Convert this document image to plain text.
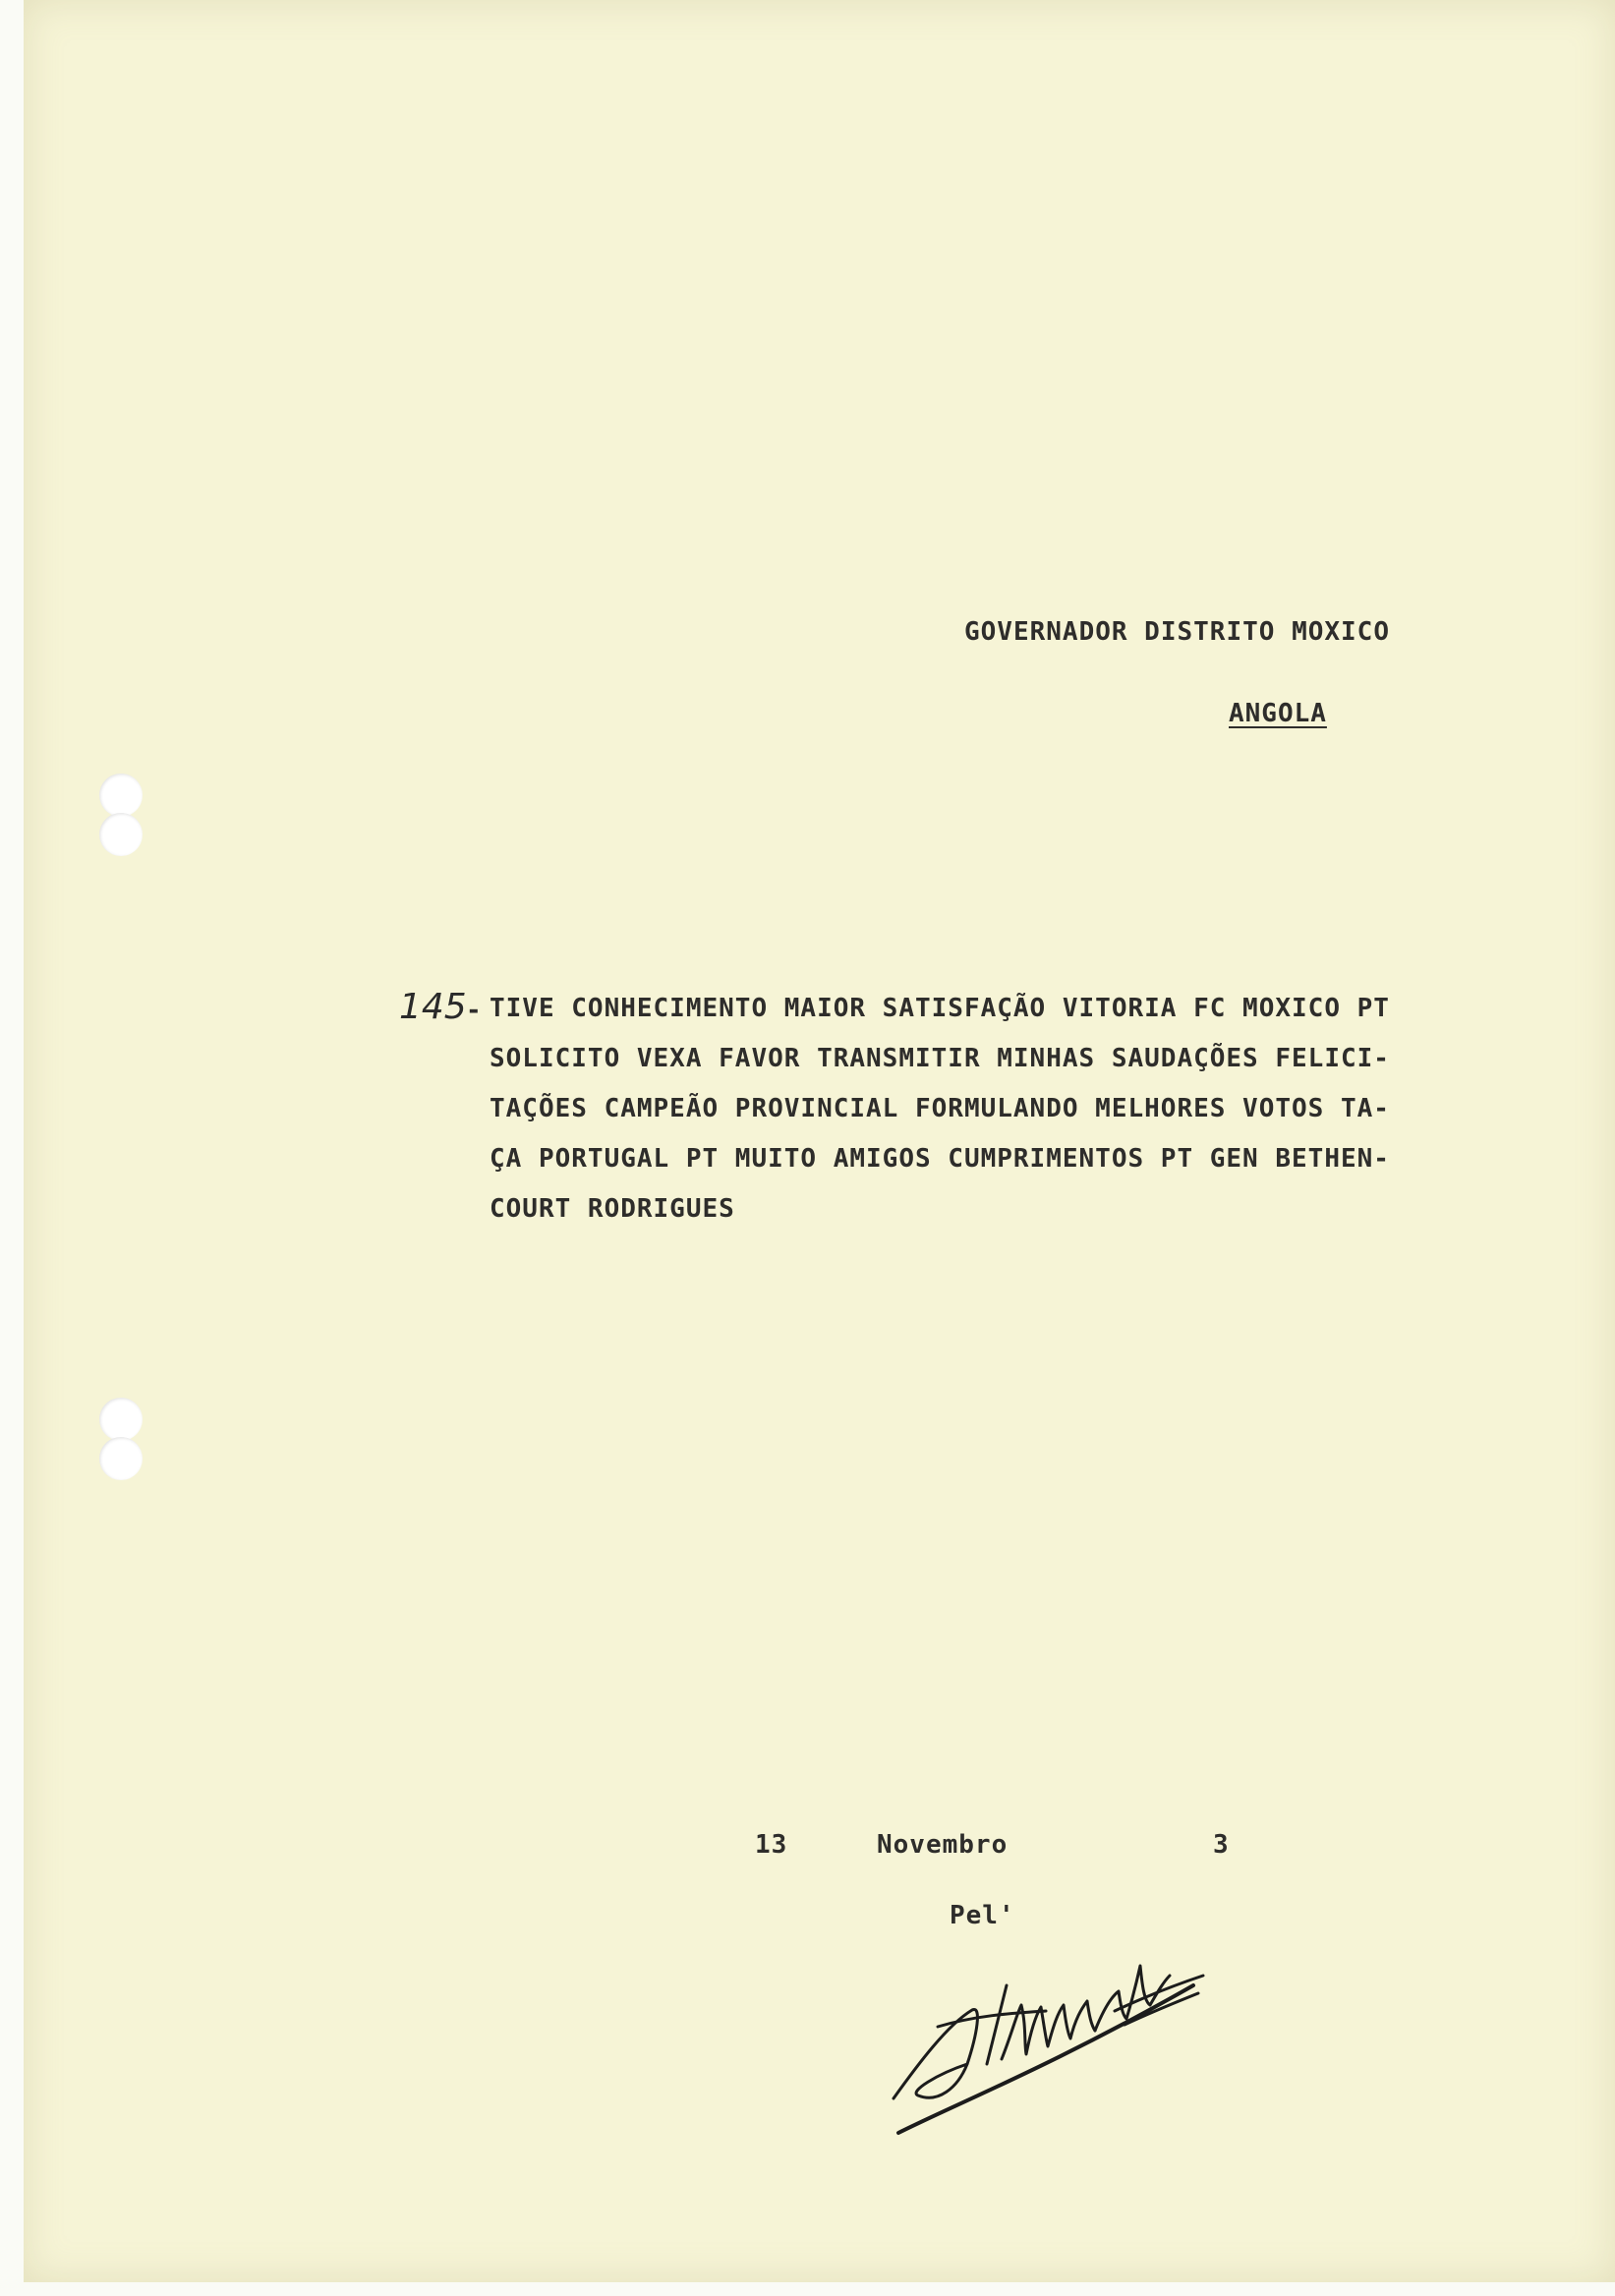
GOVERNADOR DISTRITO MOXICO
ANGOLA
145 - TIVE CONHECIMENTO MAIOR SATISFAÇÃO VITORIA FC MOXICO PT
SOLICITO VEXA FAVOR TRANSMITIR MINHAS SAUDAÇÕES FELICI-
TAÇÕES CAMPEÃO PROVINCIAL FORMULANDO MELHORES VOTOS TA-
ÇA PORTUGAL PT MUITO AMIGOS CUMPRIMENTOS PT GEN BETHEN-
COURT RODRIGUES
13	Novembro	3
Pel'
